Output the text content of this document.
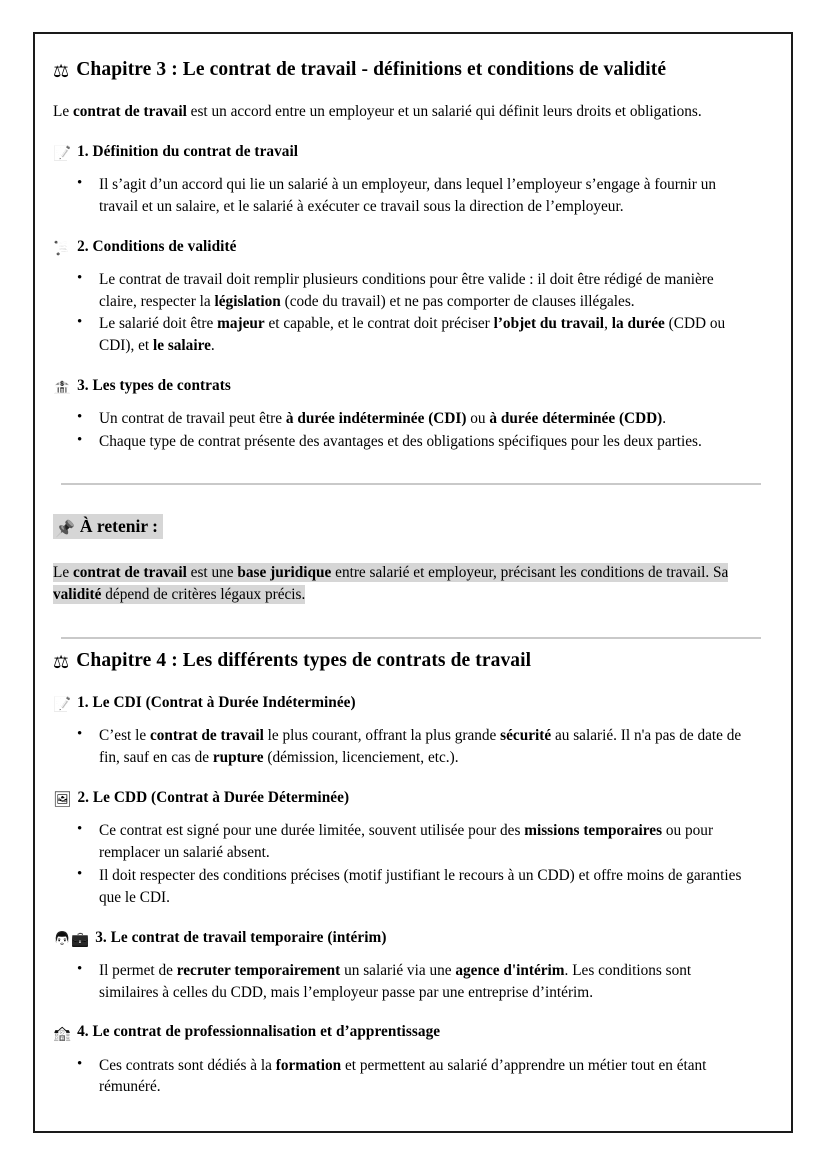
⚖ Chapitre 3 : Le contrat de travail - définitions et conditions de validité

Le contrat de travail est un accord entre un employeur et un salarié qui définit leurs droits et obligations.

📝 1. Définition du contrat de travail
• Il s’agit d’un accord qui lie un salarié à un employeur, dans lequel l’employeur s’engage à fournir un travail et un salaire, et le salarié à exécuter ce travail sous la direction de l’employeur.
📜 2. Conditions de validité
• Le contrat de travail doit remplir plusieurs conditions pour être valide : il doit être rédigé de manière claire, respecter la législation (code du travail) et ne pas comporter de clauses illégales.
• Le salarié doit être majeur et capable, et le contrat doit préciser l’objet du travail, la durée (CDD ou CDI), et le salaire.
🏦 3. Les types de contrats
• Un contrat de travail peut être à durée indéterminée (CDI) ou à durée déterminée (CDD).
• Chaque type de contrat présente des avantages et des obligations spécifiques pour les deux parties.
📌 À retenir :

Le contrat de travail est une base juridique entre salarié et employeur, précisant les conditions de travail. Sa validité dépend de critères légaux précis.

⚖ Chapitre 4 : Les différents types de contrats de travail
📝 1. Le CDI (Contrat à Durée Indéterminée)
• C’est le contrat de travail le plus courant, offrant la plus grande sécurité au salarié. Il n'a pas de date de fin, sauf en cas de rupture (démission, licenciement, etc.).
🖼 2. Le CDD (Contrat à Durée Déterminée)
• Ce contrat est signé pour une durée limitée, souvent utilisée pour des missions temporaires ou pour remplacer un salarié absent.
• Il doit respecter des conditions précises (motif justifiant le recours à un CDD) et offre moins de garanties que le CDI.
👨💼 3. Le contrat de travail temporaire (intérim)
• Il permet de recruter temporairement un salarié via une agence d'intérim. Les conditions sont similaires à celles du CDD, mais l’employeur passe par une entreprise d’intérim.
🏫 4. Le contrat de professionnalisation et d’apprentissage
• Ces contrats sont dédiés à la formation et permettent au salarié d’apprendre un métier tout en étant rémunéré.
